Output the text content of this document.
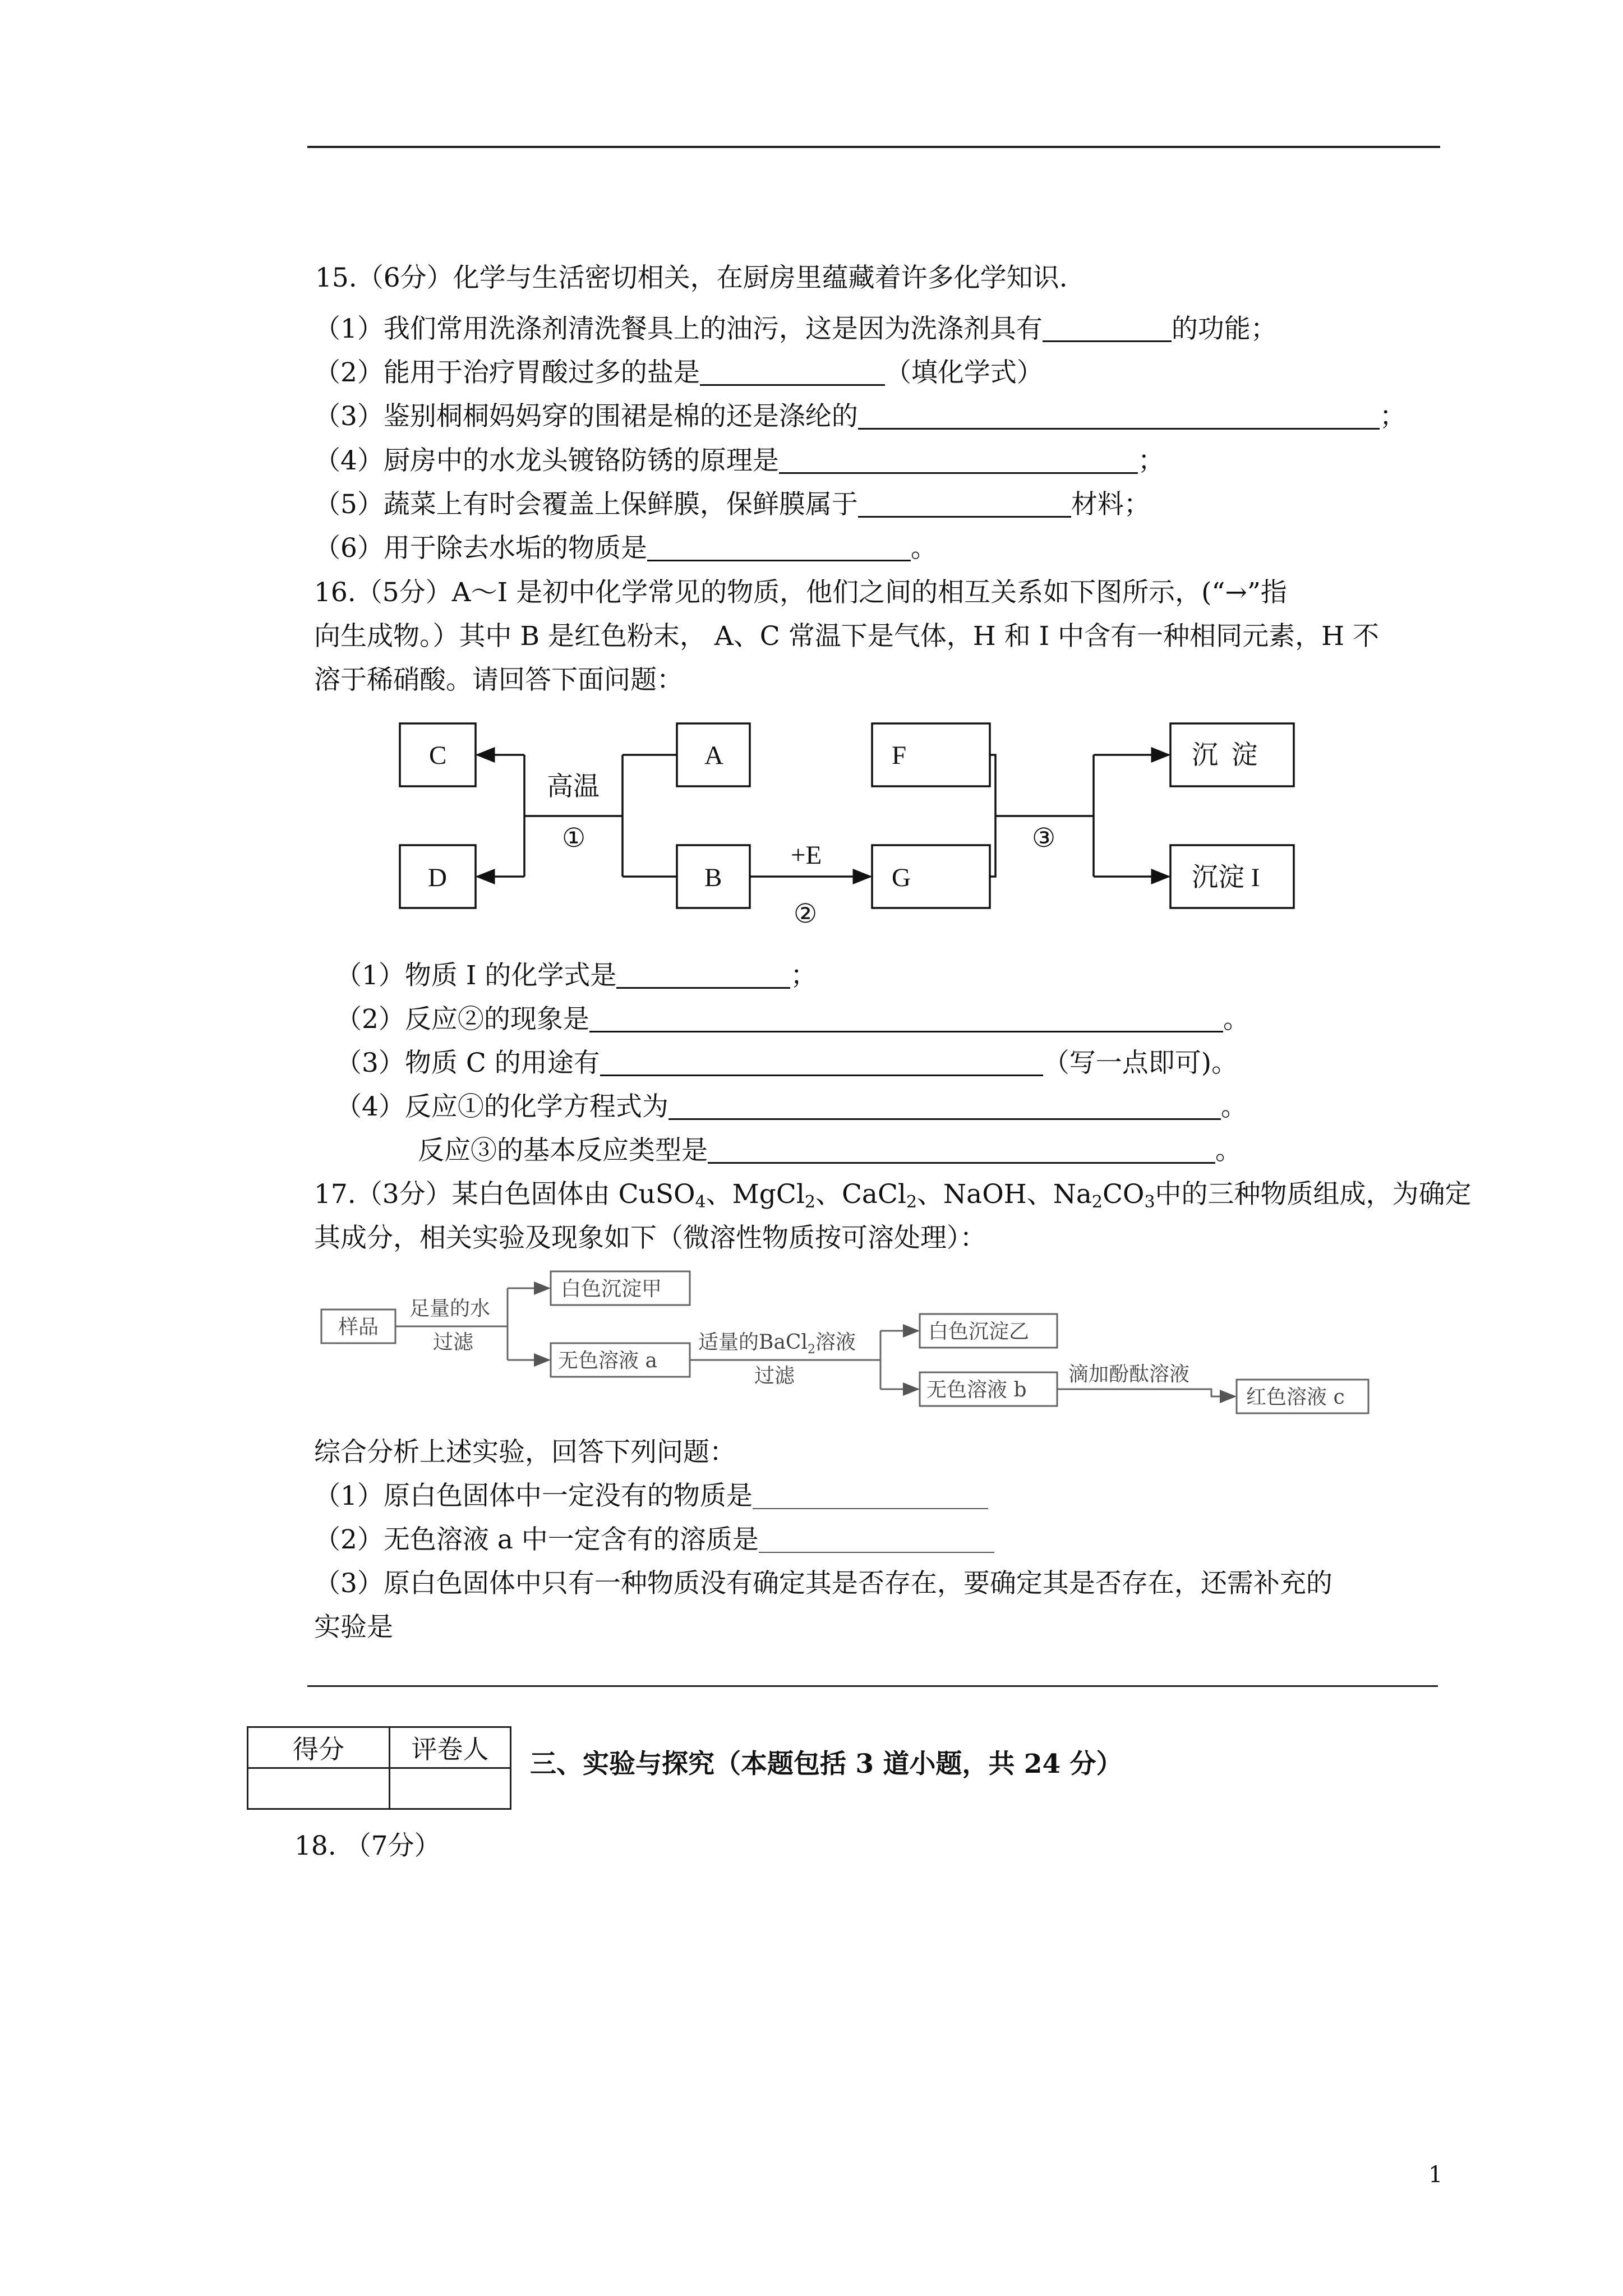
15.（6分）化学与生活密切相关，在厨房里蕴藏着许多化学知识.
（1）我们常用洗涤剂清洗餐具上的油污，这是因为洗涤剂具有	的功能；
（2）能用于治疗胃酸过多的盐是	（填化学式）
（3）鉴别桐桐妈妈穿的围裙是棉的还是涤纶的	；
（4）厨房中的水龙头镀铬防锈的原理是	；
（5）蔬菜上有时会覆盖上保鲜膜，保鲜膜属于	材料；
（6）用于除去水垢的物质是	。
16.（5分）A～I 是初中化学常见的物质，他们之间的相互关系如下图所示，(“→”指
向生成物。）其中 B 是红色粉末， A、C 常温下是气体，H 和 I 中含有一种相同元素，H 不
溶于稀硝酸。请回答下面问题：
C
D
A
B
F
G
沉  淀
沉淀 I
高温
①
+E
②
③
（1）物质 I 的化学式是	；
（2）反应②的现象是	。
（3）物质 C 的用途有	（写一点即可)。
（4）反应①的化学方程式为	。
反应③的基本反应类型是	。
17.（3分）某白色固体由 CuSO$_4$、MgCl$_2$、CaCl$_2$、NaOH、$Na_2CO_3$中的三种物质组成，为确定
其成分，相关实验及现象如下（微溶性物质按可溶处理）：
样品
足量的水
过滤
白色沉淀甲
无色溶液 a
适量的BaCl$_2$溶液
过滤
白色沉淀乙
无色溶液 b
滴加酚酞溶液
红色溶液 c
综合分析上述实验，回答下列问题：
（1）原白色固体中一定没有的物质是
（2）无色溶液 a 中一定含有的溶质是
（3）原白色固体中只有一种物质没有确定其是否存在，要确定其是否存在，还需补充的
实验是
得分	评卷人
	三、实验与探究（本题包括 3 道小题，共 24 分）
18. （7分）
1
